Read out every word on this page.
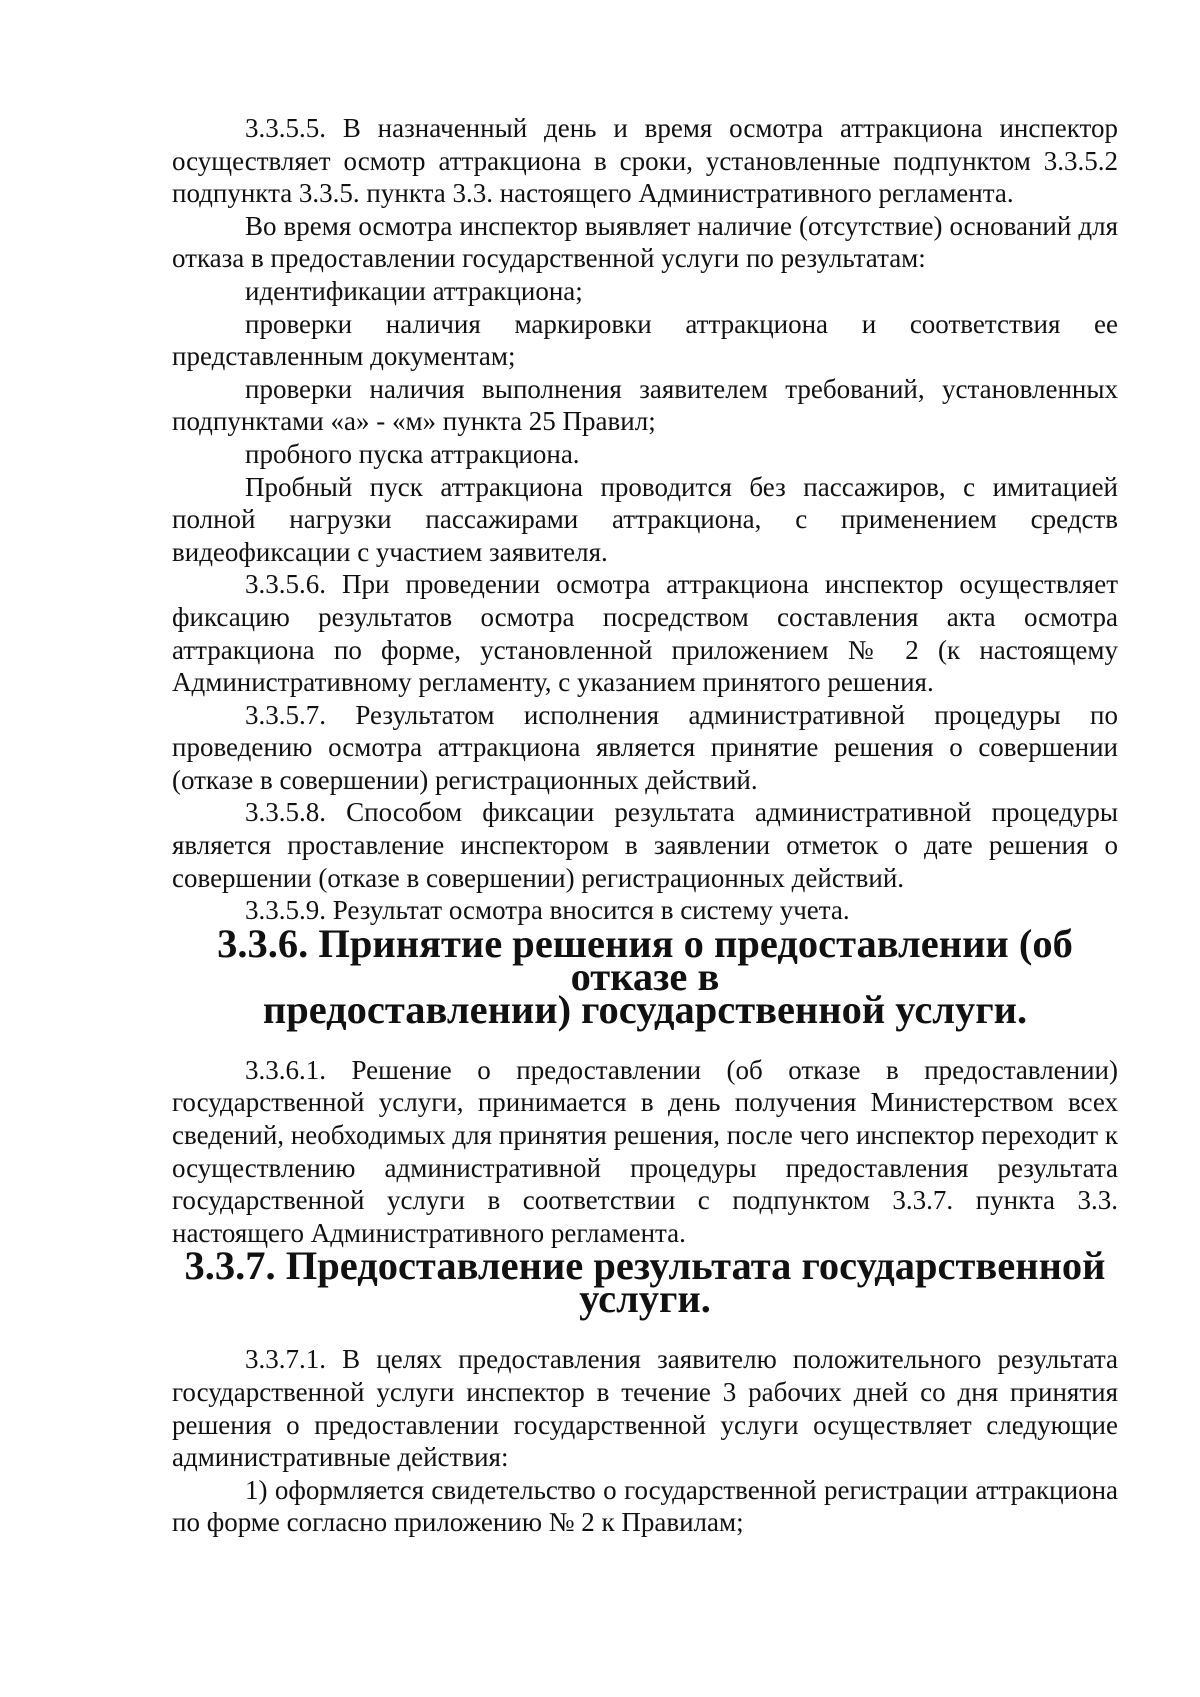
3.3.5.5. В назначенный день и время осмотра аттракциона инспектор осуществляет осмотр аттракциона в сроки, установленные подпунктом 3.3.5.2 подпункта 3.3.5. пункта 3.3. настоящего Административного регламента.

Во время осмотра инспектор выявляет наличие (отсутствие) оснований для отказа в предоставлении государственной услуги по результатам:

идентификации аттракциона;

проверки наличия маркировки аттракциона и соответствия ее представленным документам;

проверки наличия выполнения заявителем требований, установленных подпунктами «а» - «м» пункта 25 Правил;

пробного пуска аттракциона.

Пробный пуск аттракциона проводится без пассажиров, с имитацией полной нагрузки пассажирами аттракциона, с применением средств видеофиксации с участием заявителя.

3.3.5.6. При проведении осмотра аттракциона инспектор осуществляет фиксацию результатов осмотра посредством составления акта осмотра аттракциона по форме, установленной приложением № 2 (к настоящему Административному регламенту, с указанием принятого решения.

3.3.5.7. Результатом исполнения административной процедуры по проведению осмотра аттракциона является принятие решения о совершении (отказе в совершении) регистрационных действий.

3.3.5.8. Способом фиксации результата административной процедуры является проставление инспектором в заявлении отметок о дате решения о совершении (отказе в совершении) регистрационных действий.

3.3.5.9. Результат осмотра вносится в систему учета.

3.3.6. Принятие решения о предоставлении (об отказе в
предоставлении) государственной услуги.

3.3.6.1. Решение о предоставлении (об отказе в предоставлении) государственной услуги, принимается в день получения Министерством всех сведений, необходимых для принятия решения, после чего инспектор переходит к осуществлению административной процедуры предоставления результата государственной услуги в соответствии с подпунктом 3.3.7. пункта 3.3. настоящего Административного регламента.

3.3.7. Предоставление результата государственной услуги.

3.3.7.1. В целях предоставления заявителю положительного результата государственной услуги инспектор в течение 3 рабочих дней со дня принятия решения о предоставлении государственной услуги осуществляет следующие административные действия:

1) оформляется свидетельство о государственной регистрации аттракциона по форме согласно приложению № 2 к Правилам;
